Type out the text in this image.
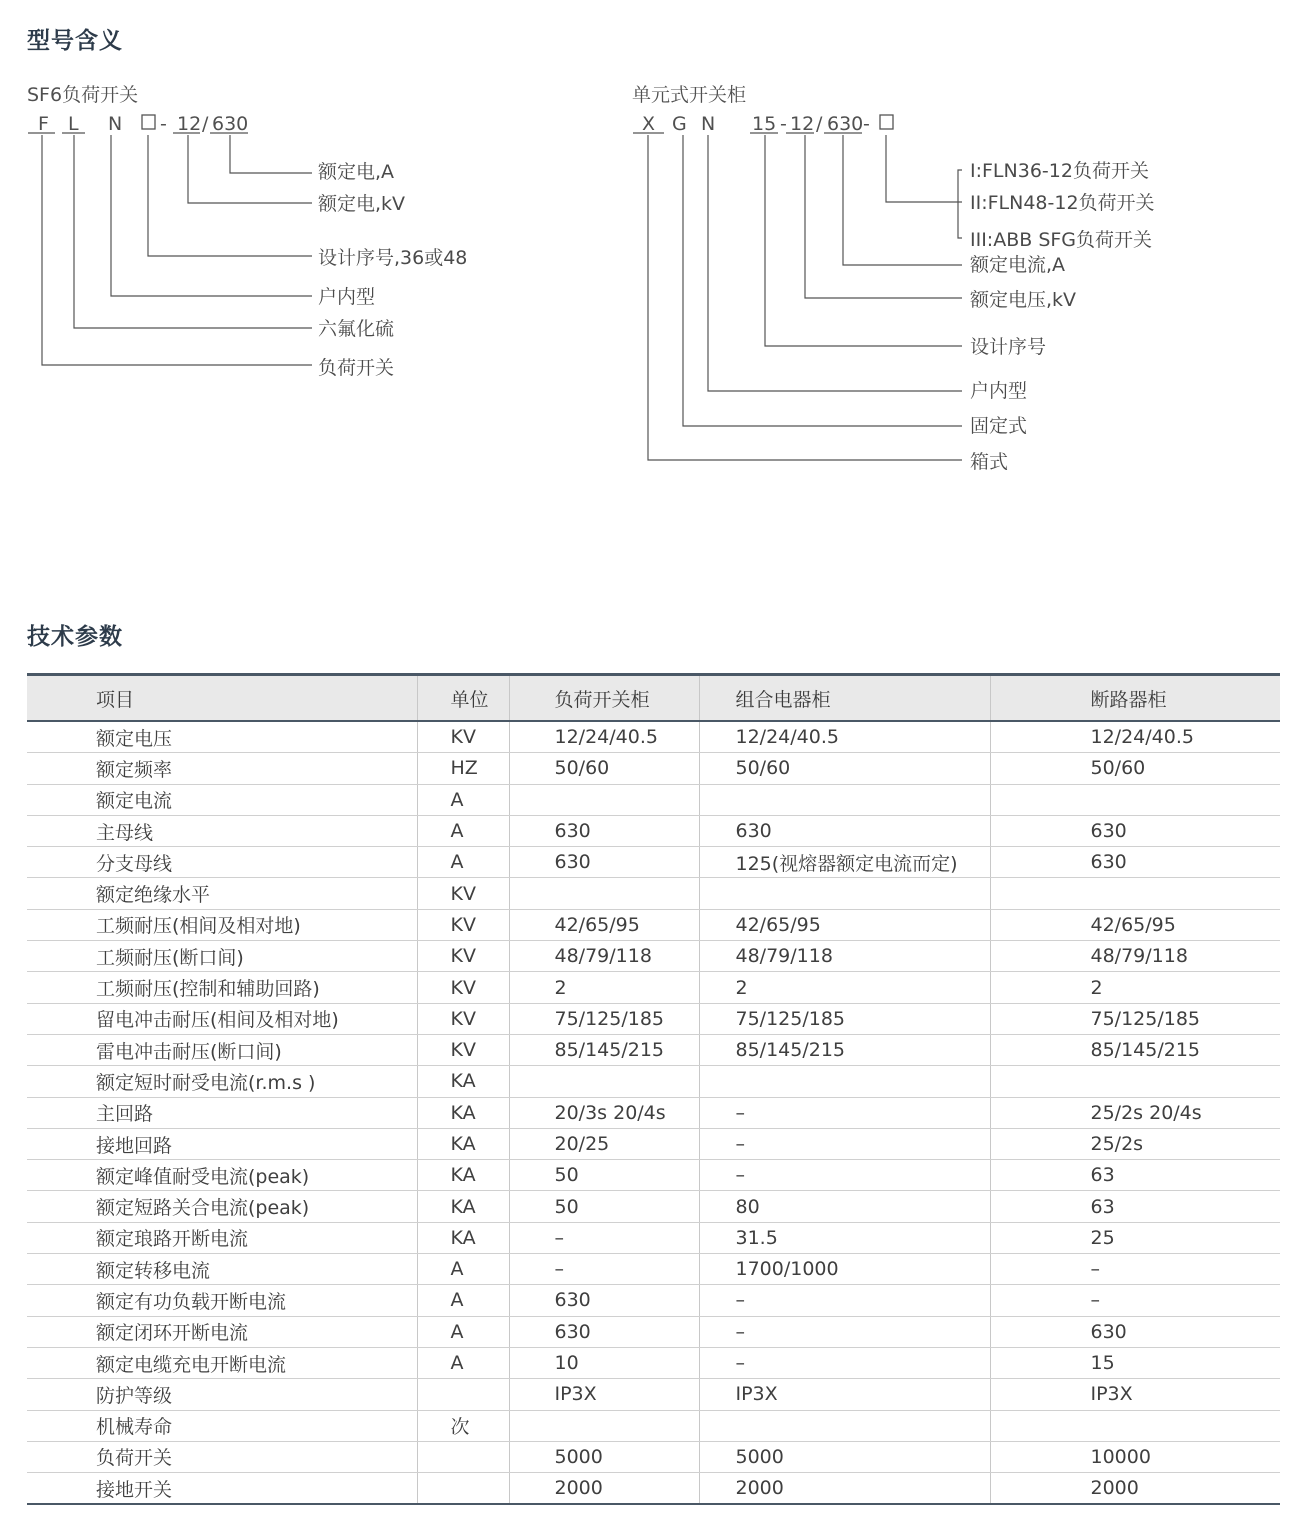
型号含义
SF6负荷开关
F L N - 12 / 630
额定电,A
额定电,kV
设计序号,36或48
户内型
六氟化硫
负荷开关
单元式开关柜
X G N 15 - 12 / 630 -
I:FLN36-12负荷开关
II:FLN48-12负荷开关
III:ABB SFG负荷开关
额定电流,A
额定电压,kV
设计序号
户内型
固定式
箱式
技术参数
项目	单位	负荷开关柜	组合电器柜	断路器柜
额定电压	KV	12/24/40.5	12/24/40.5	12/24/40.5
额定频率	HZ	50/60	50/60	50/60
额定电流	A			
主母线	A	630	630	630
分支母线	A	630	125(视熔器额定电流而定)	630
额定绝缘水平	KV			
工频耐压(相间及相对地)	KV	42/65/95	42/65/95	42/65/95
工频耐压(断口间)	KV	48/79/118	48/79/118	48/79/118
工频耐压(控制和辅助回路)	KV	2	2	2
留电冲击耐压(相间及相对地)	KV	75/125/185	75/125/185	75/125/185
雷电冲击耐压(断口间)	KV	85/145/215	85/145/215	85/145/215
额定短时耐受电流(r.m.s )	KA			
主回路	KA	20/3s 20/4s	–	25/2s 20/4s
接地回路	KA	20/25	–	25/2s
额定峰值耐受电流(peak)	KA	50	–	63
额定短路关合电流(peak)	KA	50	80	63
额定琅路开断电流	KA	–	31.5	25
额定转移电流	A	–	1700/1000	–
额定有功负载开断电流	A	630	–	–
额定闭环开断电流	A	630	–	630
额定电缆充电开断电流	A	10	–	15
防护等级		IP3X	IP3X	IP3X
机械寿命	次			
负荷开关		5000	5000	10000
接地开关		2000	2000	2000
